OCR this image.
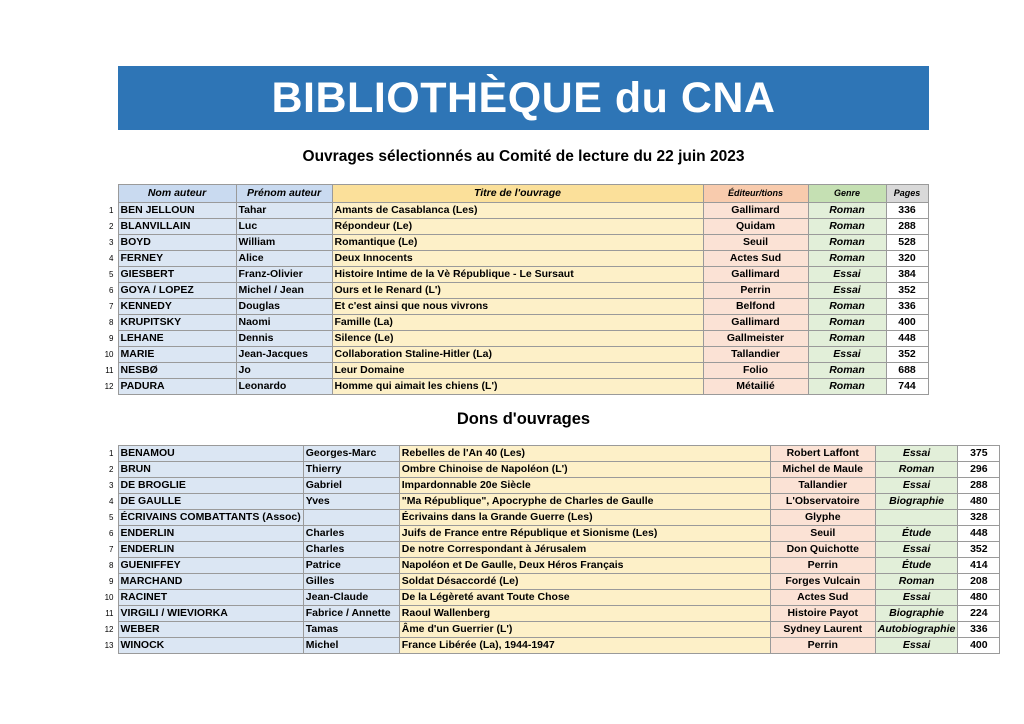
BIBLIOTHÈQUE du CNA
Ouvrages sélectionnés au Comité de lecture du 22 juin 2023
	Nom auteur	Prénom auteur	Titre de l'ouvrage	Éditeur/tions	Genre	Pages
1	BEN JELLOUN	Tahar	Amants de Casablanca (Les)	Gallimard	Roman	336
2	BLANVILLAIN	Luc	Répondeur (Le)	Quidam	Roman	288
3	BOYD	William	Romantique (Le)	Seuil	Roman	528
4	FERNEY	Alice	Deux Innocents	Actes Sud	Roman	320
5	GIESBERT	Franz-Olivier	Histoire Intime de la Vè République - Le Sursaut	Gallimard	Essai	384
6	GOYA / LOPEZ	Michel / Jean	Ours et le Renard (L')	Perrin	Essai	352
7	KENNEDY	Douglas	Et c'est ainsi que nous vivrons	Belfond	Roman	336
8	KRUPITSKY	Naomi	Famille (La)	Gallimard	Roman	400
9	LEHANE	Dennis	Silence (Le)	Gallmeister	Roman	448
10	MARIE	Jean-Jacques	Collaboration Staline-Hitler (La)	Tallandier	Essai	352
11	NESBØ	Jo	Leur Domaine	Folio	Roman	688
12	PADURA	Leonardo	Homme qui aimait les chiens (L')	Métailié	Roman	744
Dons d'ouvrages
1	BENAMOU	Georges-Marc	Rebelles de l'An 40 (Les)	Robert Laffont	Essai	375
2	BRUN	Thierry	Ombre Chinoise de Napoléon (L')	Michel de Maule	Roman	296
3	DE BROGLIE	Gabriel	Impardonnable 20e Siècle	Tallandier	Essai	288
4	DE GAULLE	Yves	"Ma République", Apocryphe de Charles de Gaulle	L'Observatoire	Biographie	480
5	ÉCRIVAINS COMBATTANTS (Assoc)		Écrivains dans la Grande Guerre (Les)	Glyphe		328
6	ENDERLIN	Charles	Juifs de France entre République et Sionisme (Les)	Seuil	Étude	448
7	ENDERLIN	Charles	De notre Correspondant à Jérusalem	Don Quichotte	Essai	352
8	GUENIFFEY	Patrice	Napoléon et De Gaulle, Deux Héros Français	Perrin	Étude	414
9	MARCHAND	Gilles	Soldat Désaccordé (Le)	Forges Vulcain	Roman	208
10	RACINET	Jean-Claude	De la Légèreté avant Toute Chose	Actes Sud	Essai	480
11	VIRGILI / WIEVIORKA	Fabrice / Annette	Raoul Wallenberg	Histoire Payot	Biographie	224
12	WEBER	Tamas	Âme d'un Guerrier (L')	Sydney Laurent	Autobiographie	336
13	WINOCK	Michel	France Libérée (La), 1944-1947	Perrin	Essai	400
